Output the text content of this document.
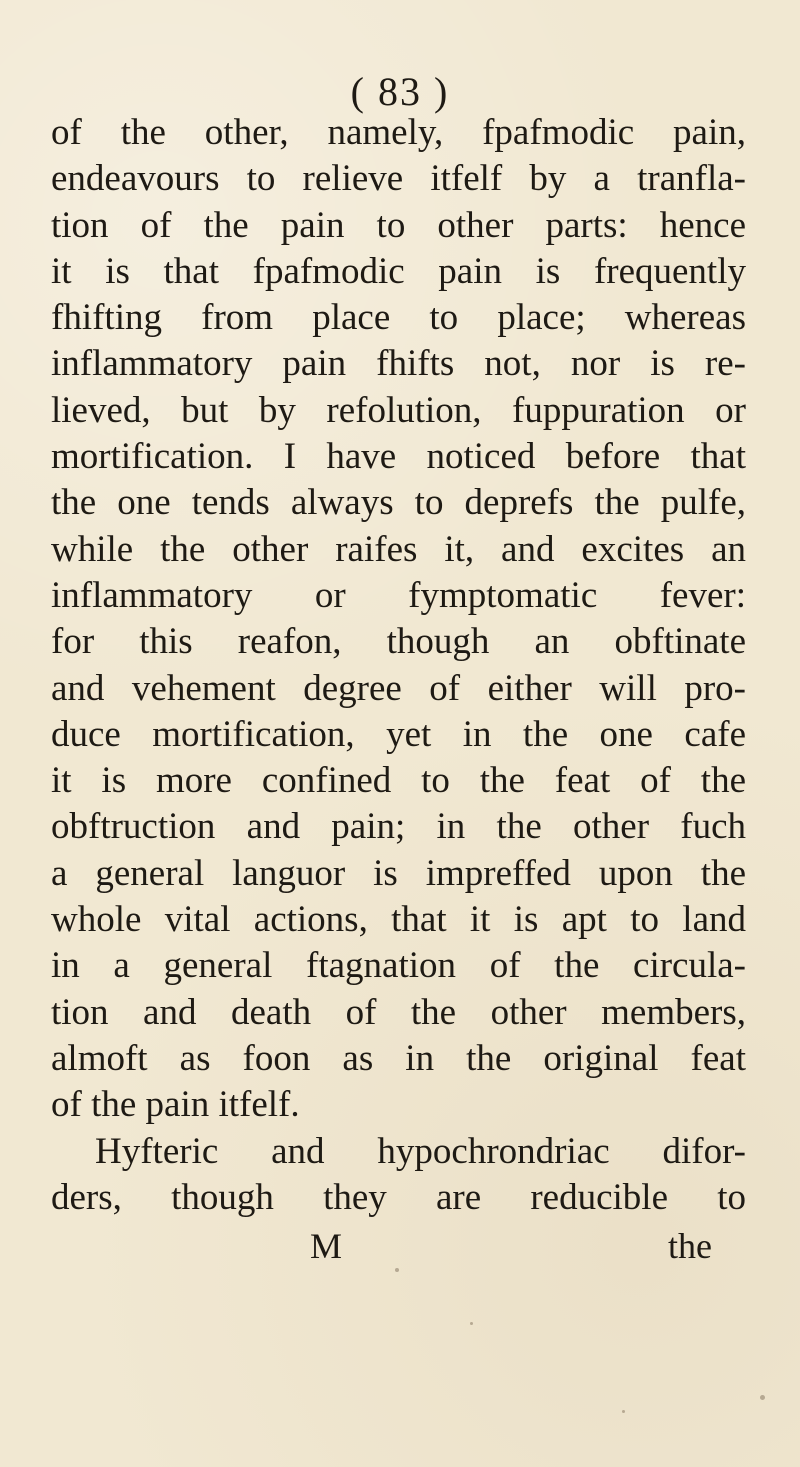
( 83 )
of the other, namely, fpafmodic pain,
endeavours to relieve itfelf by a tranfla-
tion of the pain to other parts: hence
it is that fpafmodic pain is frequently
fhifting from place to place; whereas
inflammatory pain fhifts not, nor is re-
lieved, but by refolution, fuppuration or
mortification. I have noticed before that
the one tends always to deprefs the pulfe,
while the other raifes it, and excites an
inflammatory or fymptomatic fever:
for this reafon, though an obftinate
and vehement degree of either will pro-
duce mortification, yet in the one cafe
it is more confined to the feat of the
obftruction and pain; in the other fuch
a general languor is impreffed upon the
whole vital actions, that it is apt to land
in a general ftagnation of the circula-
tion and death of the other members,
almoft as foon as in the original feat
of the pain itfelf.
Hyfteric and hypochrondriac difor-
ders, though they are reducible to
M	the
